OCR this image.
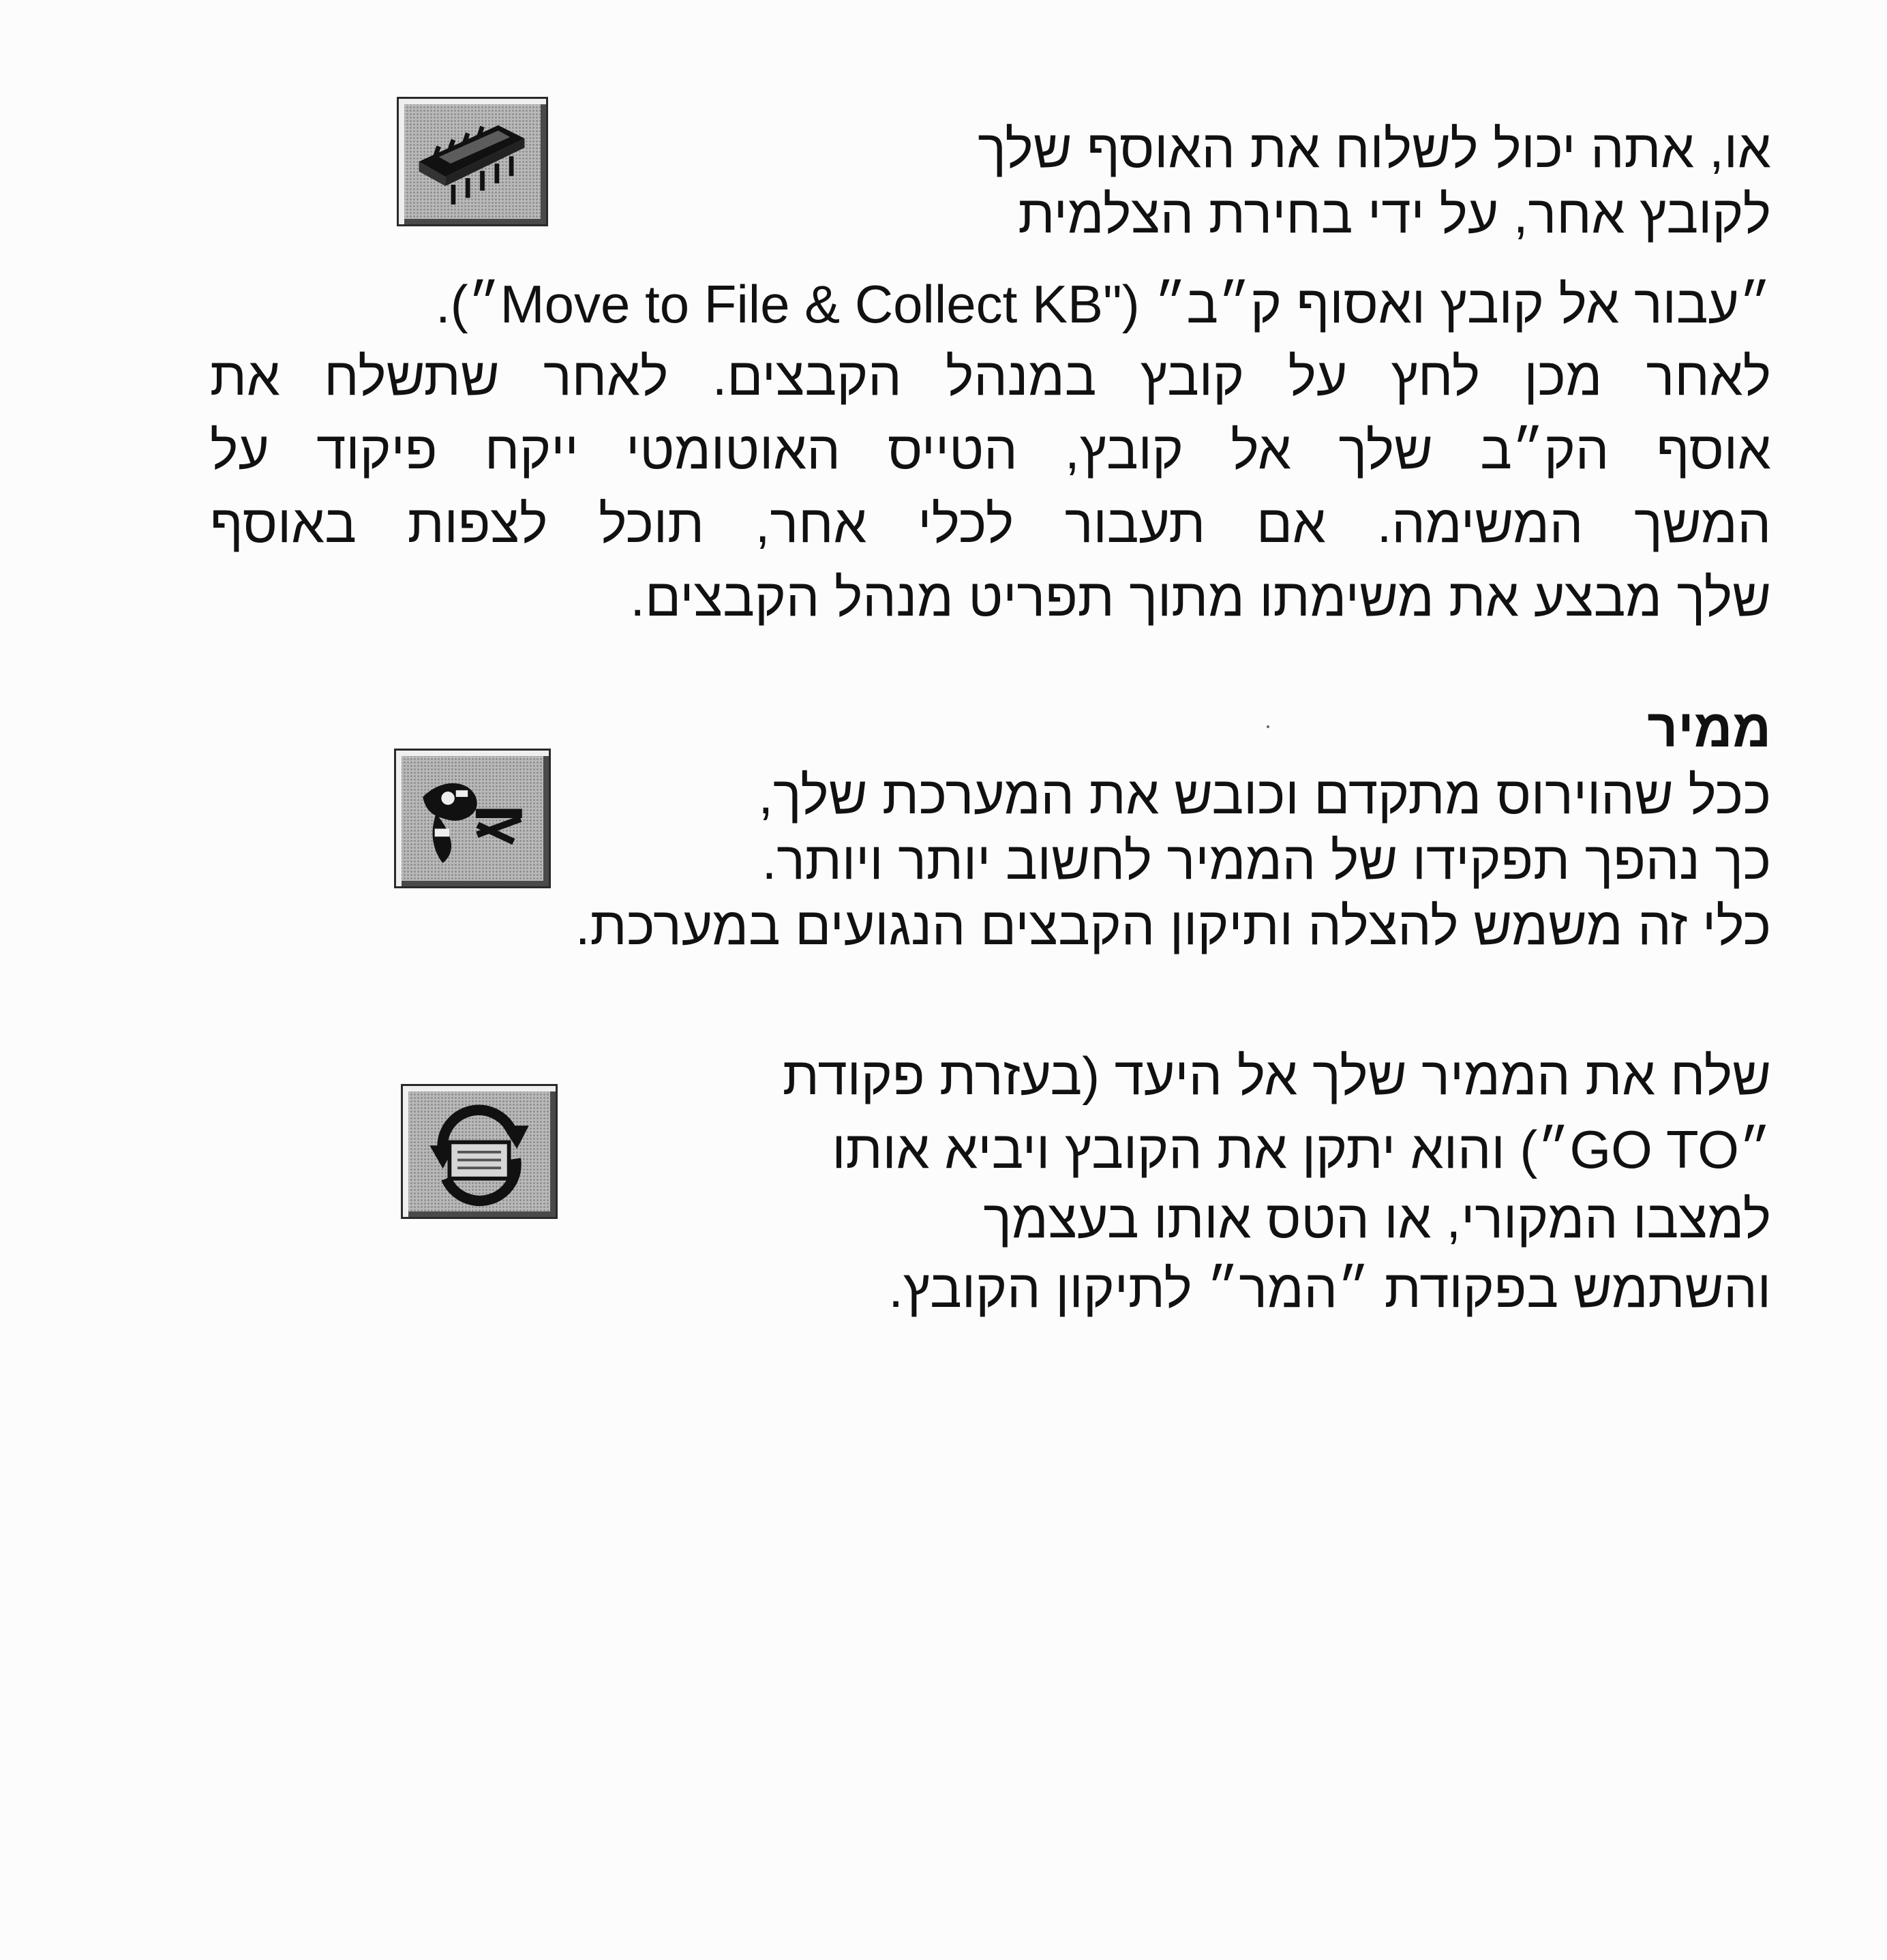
או, אתה יכול לשלוח את האוסף שלך
לקובץ אחר, על ידי בחירת הצלמית
״עבור אל קובץ ואסוף ק״ב״ ("Move to File & Collect KB״).
לאחר מכן לחץ על קובץ במנהל הקבצים. לאחר שתשלח את
אוסף הק״ב שלך אל קובץ, הטייס האוטומטי ייקח פיקוד על
המשך המשימה. אם תעבור לכלי אחר, תוכל לצפות באוסף
שלך מבצע את משימתו מתוך תפריט מנהל הקבצים.
ממיר
ככל שהוירוס מתקדם וכובש את המערכת שלך,
כך נהפך תפקידו של הממיר לחשוב יותר ויותר.
כלי זה משמש להצלה ותיקון הקבצים הנגועים במערכת.
שלח את הממיר שלך אל היעד (בעזרת פקודת
״GO TO״) והוא יתקן את הקובץ ויביא אותו
למצבו המקורי, או הטס אותו בעצמך
והשתמש בפקודת ״המר״ לתיקון הקובץ.
